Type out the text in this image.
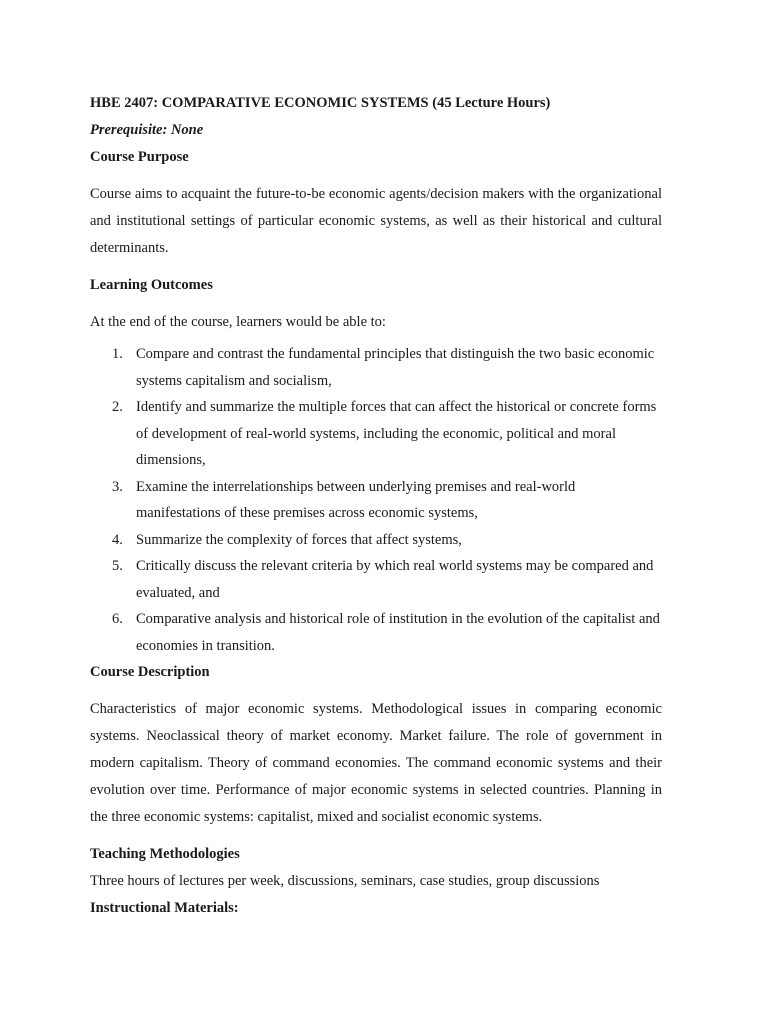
HBE 2407: COMPARATIVE ECONOMIC SYSTEMS (45 Lecture Hours)

Prerequisite: None

Course Purpose

Course aims to acquaint the future-to-be economic agents/decision makers with the organizational and institutional settings of particular economic systems, as well as their historical and cultural determinants.

Learning Outcomes

At the end of the course, learners would be able to:

1. Compare and contrast the fundamental principles that distinguish the two basic economic systems capitalism and socialism,
2. Identify and summarize the multiple forces that can affect the historical or concrete forms of development of real-world systems, including the economic, political and moral dimensions,
3. Examine the interrelationships between underlying premises and real-world manifestations of these premises across economic systems,
4. Summarize the complexity of forces that affect systems,
5. Critically discuss the relevant criteria by which real world systems may be compared and evaluated, and
6. Comparative analysis and historical role of institution in the evolution of the capitalist and economies in transition.

Course Description

Characteristics of major economic systems. Methodological issues in comparing economic systems. Neoclassical theory of market economy. Market failure. The role of government in modern capitalism. Theory of command economies. The command economic systems and their evolution over time. Performance of major economic systems in selected countries. Planning in the three economic systems: capitalist, mixed and socialist economic systems.

Teaching Methodologies

Three hours of lectures per week, discussions, seminars, case studies, group discussions

Instructional Materials:
